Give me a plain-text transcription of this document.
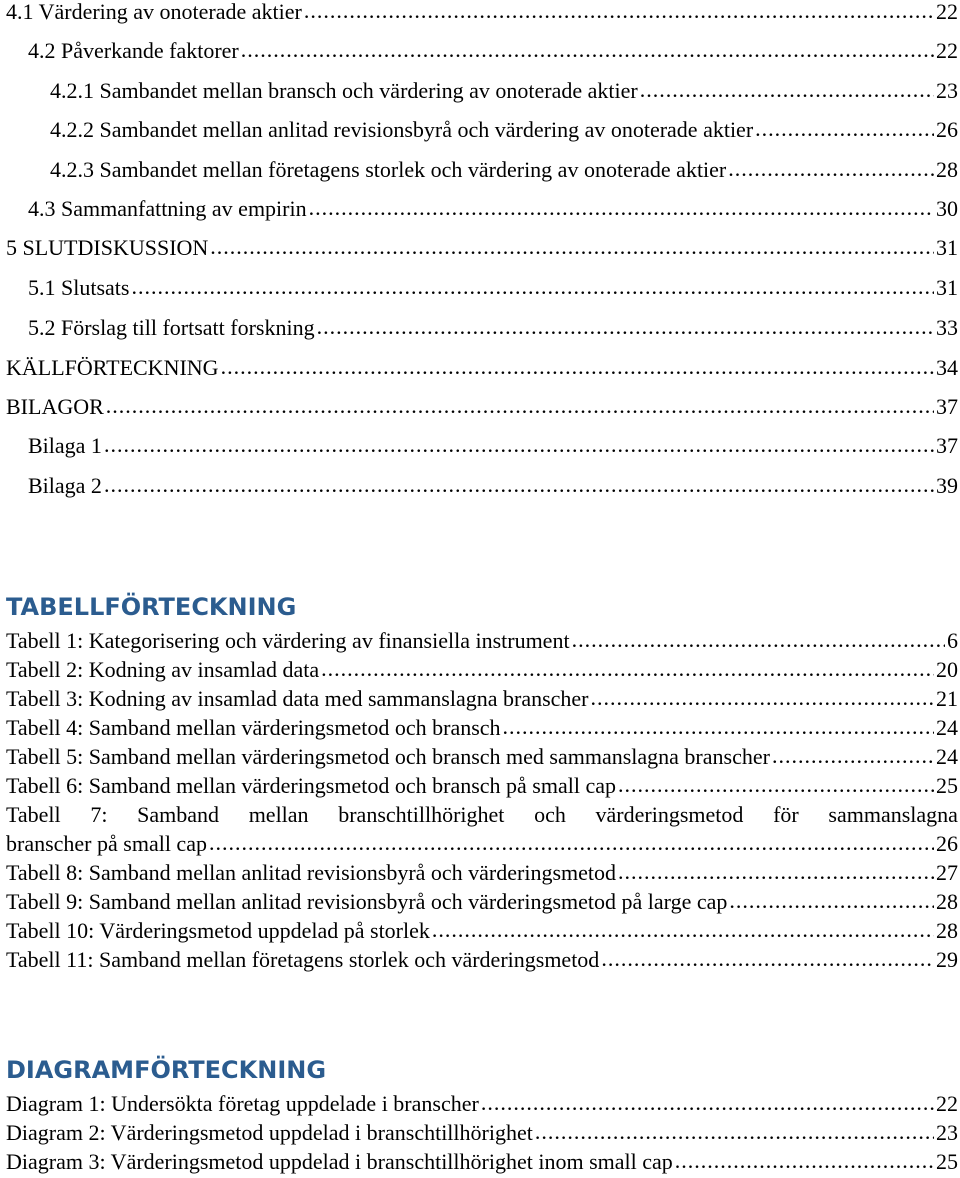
4.1 Värdering av onoterade aktier .....	22
4.2 Påverkande faktorer .....	22
4.2.1 Sambandet mellan bransch och värdering av onoterade aktier .....	23
4.2.2 Sambandet mellan anlitad revisionsbyrå och värdering av onoterade aktier .....	26
4.2.3 Sambandet mellan företagens storlek och värdering av onoterade aktier .....	28
4.3 Sammanfattning av empirin .....	30
5 SLUTDISKUSSION .....	31
5.1 Slutsats .....	31
5.2 Förslag till fortsatt forskning .....	33
KÄLLFÖRTECKNING .....	34
BILAGOR .....	37
Bilaga 1 .....	37
Bilaga 2 .....	39
TABELLFÖRTECKNING
Tabell 1: Kategorisering och värdering av finansiella instrument .....	6
Tabell 2: Kodning av insamlad data .....	20
Tabell 3: Kodning av insamlad data med sammanslagna branscher .....	21
Tabell 4: Samband mellan värderingsmetod och bransch .....	24
Tabell 5: Samband mellan värderingsmetod och bransch med sammanslagna branscher .....	24
Tabell 6: Samband mellan värderingsmetod och bransch på small cap .....	25
Tabell 7: Samband mellan branschtillhörighet och värderingsmetod för sammanslagna
branscher på small cap .....	26
Tabell 8: Samband mellan anlitad revisionsbyrå och värderingsmetod .....	27
Tabell 9: Samband mellan anlitad revisionsbyrå och värderingsmetod på large cap .....	28
Tabell 10: Värderingsmetod uppdelad på storlek .....	28
Tabell 11: Samband mellan företagens storlek och värderingsmetod .....	29
DIAGRAMFÖRTECKNING
Diagram 1: Undersökta företag uppdelade i branscher .....	22
Diagram 2: Värderingsmetod uppdelad i branschtillhörighet .....	23
Diagram 3: Värderingsmetod uppdelad i branschtillhörighet inom small cap .....	25
